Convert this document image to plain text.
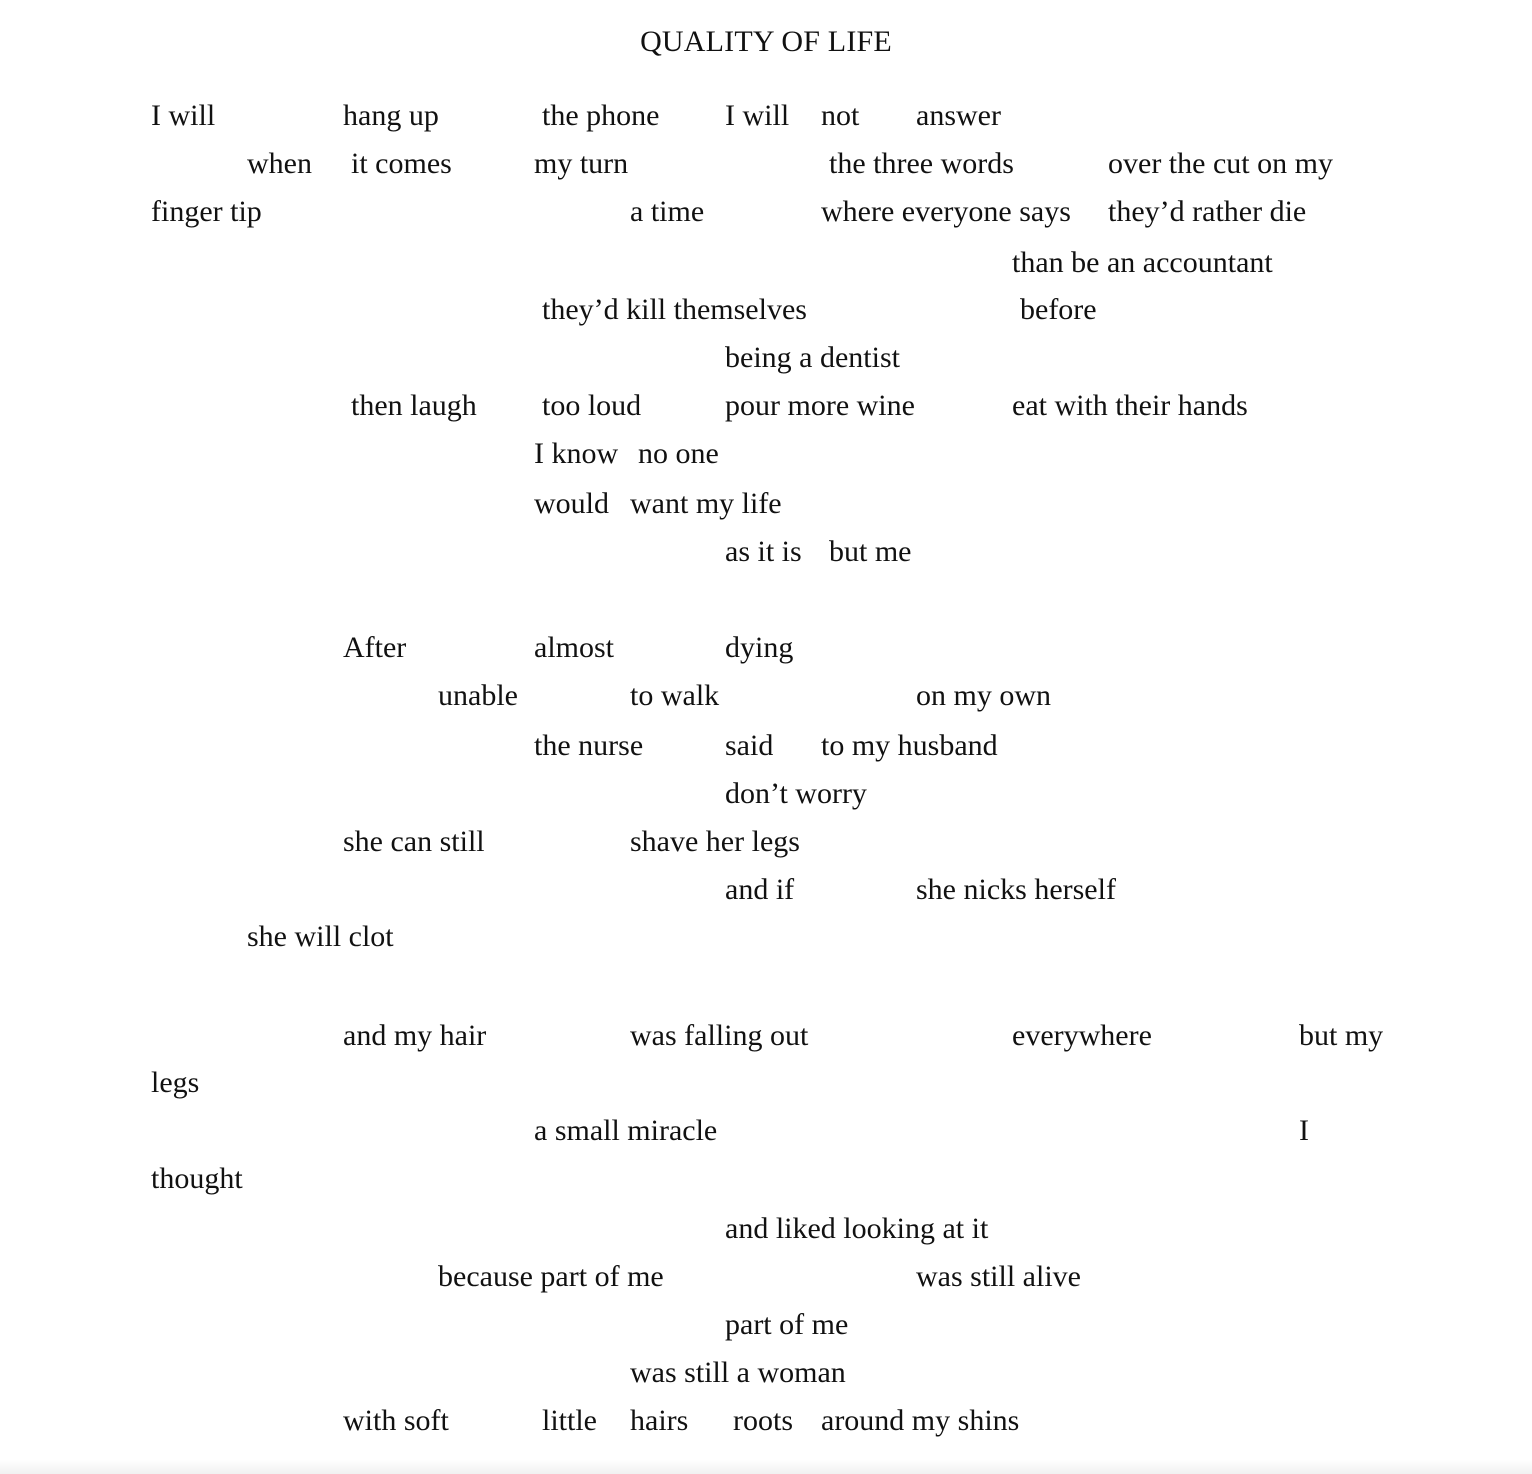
QUALITY OF LIFE
I will	hang up	the phone I will not answer
when it comes	my turn	the three words	over the cut on my
finger tip	a time	where everyone says they’d rather die
than be an accountant
they’d kill themselves	before
being a dentist
then laugh too loud	pour more wine	eat with their hands
I know no one
would want my life
as it is but me
After	almost	dying
unable	to walk	on my own
the nurse	said to my husband
don’t worry
she can still	shave her legs
and if	she nicks herself
she will clot
and my hair	was falling out	everywhere	but my
legs
a small miracle	I
thought
and liked looking at it
because part of me	was still alive
part of me
was still a woman
with soft	little hairs roots around my shins
